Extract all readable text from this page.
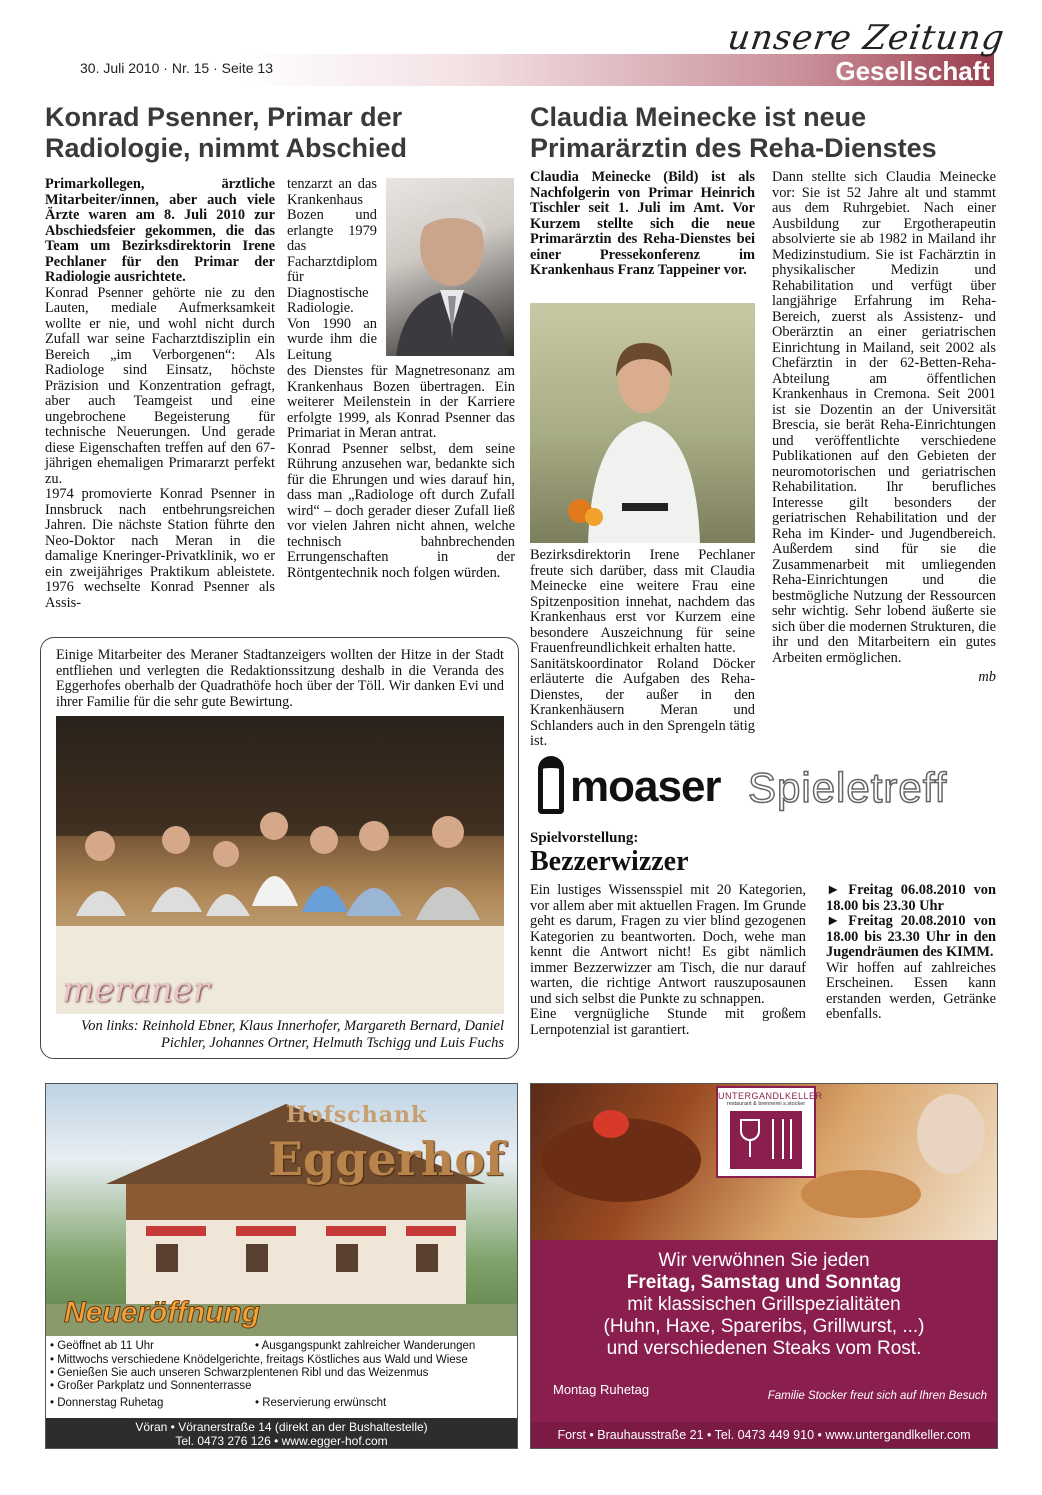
30. Juli 2010 · Nr. 15 · Seite 13
unsere Zeitung
Gesellschaft
Konrad Psenner, Primar der Radiologie, nimmt Abschied

Primarkollegen, ärztliche Mitarbeiter/innen, aber auch viele Ärzte waren am 8. Juli 2010 zur Abschiedsfeier gekommen, die das Team um Bezirksdirektorin Irene Pechlaner für den Primar der Radiologie ausrichtete.

Konrad Psenner gehörte nie zu den Lauten, mediale Aufmerksamkeit wollte er nie, und wohl nicht durch Zufall war seine Facharztdisziplin ein Bereich „im Verborgenen“: Als Radiologe sind Einsatz, höchste Präzision und Konzentration gefragt, aber auch Teamgeist und eine ungebrochene Begeisterung für technische Neuerungen. Und gerade diese Eigenschaften treffen auf den 67-jährigen ehemaligen Primararzt perfekt zu.

1974 promovierte Konrad Psenner in Innsbruck nach entbehrungsreichen Jahren. Die nächste Station führte den Neo-Doktor nach Meran in die damalige Kneringer-Privatklinik, wo er ein zweijähriges Praktikum ableistete. 1976 wechselte Konrad Psenner als Assis-

tenzarzt an das Krankenhaus Bozen und erlangte 1979 das Facharztdiplom für Diagnostische Radiologie. Von 1990 an wurde ihm die Leitung

des Dienstes für Magnetresonanz am Krankenhaus Bozen übertragen. Ein weiterer Meilenstein in der Karriere erfolgte 1999, als Konrad Psenner das Primariat in Meran antrat.

Konrad Psenner selbst, dem seine Rührung anzusehen war, bedankte sich für die Ehrungen und wies darauf hin, dass man „Radiologe oft durch Zufall wird“ – doch gerader dieser Zufall ließ vor vielen Jahren nicht ahnen, welche technisch bahnbrechenden Errungenschaften in der Röntgentechnik noch folgen würden.

Claudia Meinecke ist neue Primarärztin des Reha-Dienstes

Claudia Meinecke (Bild) ist als Nachfolgerin von Primar Heinrich Tischler seit 1. Juli im Amt. Vor Kurzem stellte sich die neue Primarärztin des Reha-Dienstes bei einer Pressekonferenz im Krankenhaus Franz Tappeiner vor.

Bezirksdirektorin Irene Pechlaner freute sich darüber, dass mit Claudia Meinecke eine weitere Frau eine Spitzenposition innehat, nachdem das Krankenhaus erst vor Kurzem eine besondere Auszeichnung für seine Frauenfreundlichkeit erhalten hatte.

Sanitätskoordinator Roland Döcker erläuterte die Aufgaben des Reha-Dienstes, der außer in den Krankenhäusern Meran und Schlanders auch in den Sprengeln tätig ist.

Dann stellte sich Claudia Meinecke vor: Sie ist 52 Jahre alt und stammt aus dem Ruhrgebiet. Nach einer Ausbildung zur Ergotherapeutin absolvierte sie ab 1982 in Mailand ihr Medizinstudium. Sie ist Fachärztin in physikalischer Medizin und Rehabilitation und verfügt über langjährige Erfahrung im Reha-Bereich, zuerst als Assistenz- und Oberärztin an einer geriatrischen Einrichtung in Mailand, seit 2002 als Chefärztin in der 62-Betten-Reha-Abteilung am öffentlichen Krankenhaus in Cremona. Seit 2001 ist sie Dozentin an der Universität Brescia, sie berät Reha-Einrichtungen und veröffentlichte verschiedene Publikationen auf den Gebieten der neuromotorischen und geriatrischen Rehabilitation. Ihr berufliches Interesse gilt besonders der geriatrischen Rehabilitation und der Reha im Kinder- und Jugendbereich. Außerdem sind für sie die Zusammenarbeit mit umliegenden Reha-Einrichtungen und die bestmögliche Nutzung der Ressourcen sehr wichtig. Sehr lobend äußerte sie sich über die modernen Strukturen, die ihr und den Mitarbeitern ein gutes Arbeiten ermöglichen.

mb

Einige Mitarbeiter des Meraner Stadtanzeigers wollten der Hitze in der Stadt entfliehen und verlegten die Redaktionssitzung deshalb in die Veranda des Eggerhofes oberhalb der Quadrathöfe hoch über der Töll. Wir danken Evi und ihrer Familie für die sehr gute Bewirtung.
meraner
Von links: Reinhold Ebner, Klaus Innerhofer, Margareth Bernard, Daniel Pichler, Johannes Ortner, Helmuth Tschigg und Luis Fuchs
moaser Spieletreff
Spielvorstellung:
Bezzerwizzer

Ein lustiges Wissensspiel mit 20 Kategorien, vor allem aber mit aktuellen Fragen. Im Grunde geht es darum, Fragen zu vier blind gezogenen Kategorien zu beantworten. Doch, wehe man kennt die Antwort nicht! Es gibt nämlich immer Bezzerwizzer am Tisch, die nur darauf warten, die richtige Antwort rauszuposaunen und sich selbst die Punkte zu schnappen.

Eine vergnügliche Stunde mit großem Lernpotenzial ist garantiert.

► Freitag 06.08.2010 von 18.00 bis 23.30 Uhr

► Freitag 20.08.2010 von 18.00 bis 23.30 Uhr in den Jugendräumen des KIMM.

Wir hoffen auf zahlreiches Erscheinen. Essen kann erstanden werden, Getränke ebenfalls.

Hofschank
Eggerhof
Neueröffnung
• Geöffnet ab 11 Uhr	• Ausgangspunkt zahlreicher Wanderungen
• Mittwochs verschiedene Knödelgerichte, freitags Köstliches aus Wald und Wiese
• Genießen Sie auch unseren Schwarzplentenen Ribl und das Weizenmus
• Großer Parkplatz und Sonnenterrasse
• Donnerstag Ruhetag	• Reservierung erwünscht
Vöran • Vöranerstraße 14 (direkt an der Bushaltestelle)
Tel. 0473 276 126 • www.egger-hof.com
UNTERGANDLKELLER
restaurant & brennerei s.stocker
Wir verwöhnen Sie jeden
Freitag, Samstag und Sonntag
mit klassischen Grillspezialitäten
(Huhn, Haxe, Spareribs, Grillwurst, ...)
und verschiedenen Steaks vom Rost.
Montag Ruhetag	Familie Stocker freut sich auf Ihren Besuch
Forst • Brauhausstraße 21 • Tel. 0473 449 910 • www.untergandlkeller.com
